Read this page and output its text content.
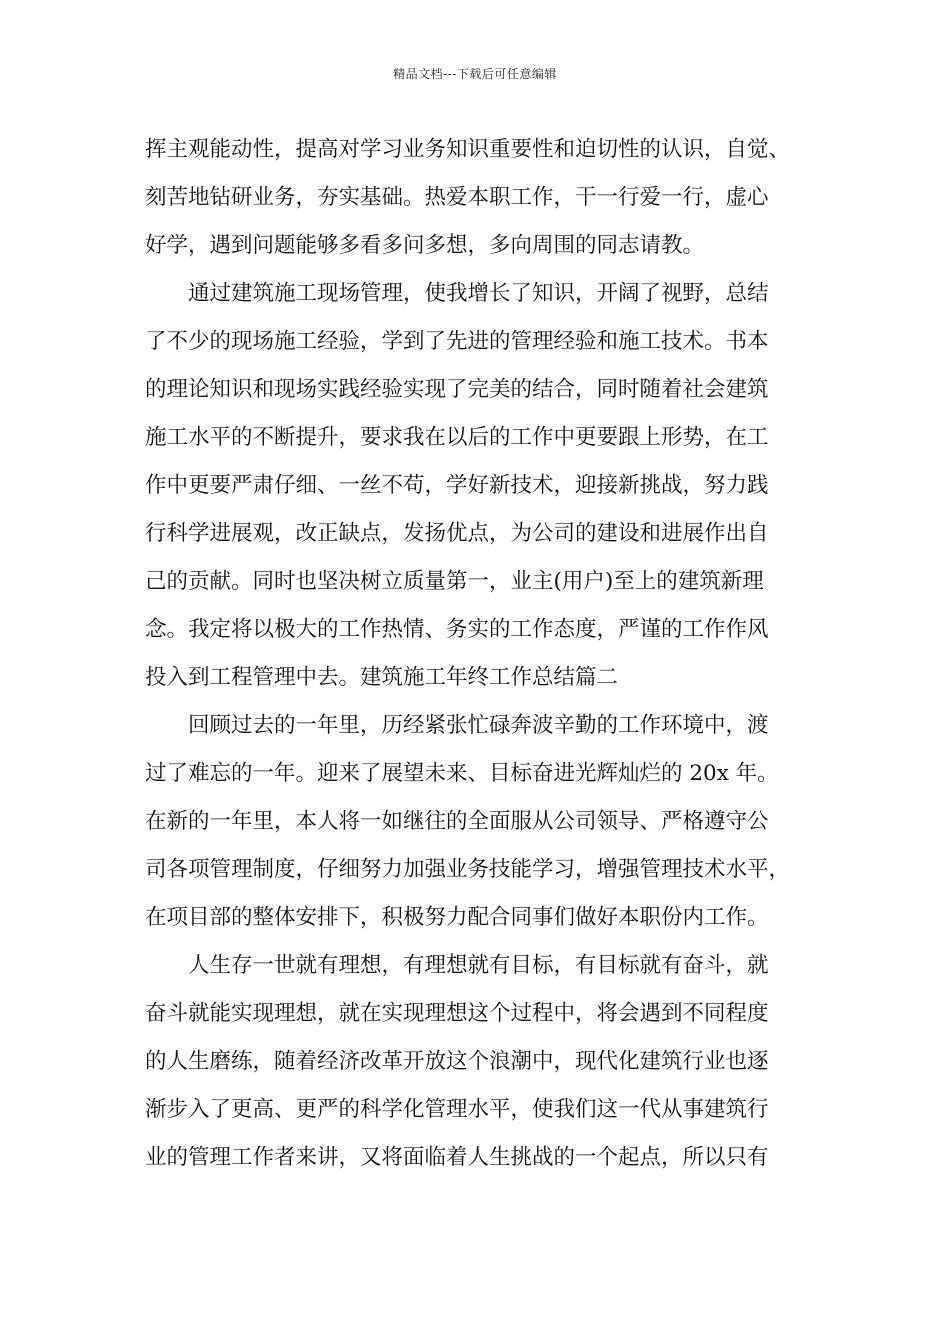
精品文档---下载后可任意编辑
挥主观能动性，提高对学习业务知识重要性和迫切性的认识，自觉、
刻苦地钻研业务，夯实基础。热爱本职工作，干一行爱一行，虚心
好学，遇到问题能够多看多问多想，多向周围的同志请教。
　　通过建筑施工现场管理，使我增长了知识，开阔了视野，总结
了不少的现场施工经验，学到了先进的管理经验和施工技术。书本
的理论知识和现场实践经验实现了完美的结合，同时随着社会建筑
施工水平的不断提升，要求我在以后的工作中更要跟上形势，在工
作中更要严肃仔细、一丝不苟，学好新技术，迎接新挑战，努力践
行科学进展观，改正缺点，发扬优点，为公司的建设和进展作出自
己的贡献。同时也坚决树立质量第一，业主(用户)至上的建筑新理
念。我定将以极大的工作热情、务实的工作态度，严谨的工作作风
投入到工程管理中去。建筑施工年终工作总结篇二
　　回顾过去的一年里，历经紧张忙碌奔波辛勤的工作环境中，渡
过了难忘的一年。迎来了展望未来、目标奋进光辉灿烂的 20x 年。
在新的一年里，本人将一如继往的全面服从公司领导、严格遵守公
司各项管理制度，仔细努力加强业务技能学习，增强管理技术水平，
在项目部的整体安排下，积极努力配合同事们做好本职份内工作。
　　人生存一世就有理想，有理想就有目标，有目标就有奋斗，就
奋斗就能实现理想，就在实现理想这个过程中，将会遇到不同程度
的人生磨练，随着经济改革开放这个浪潮中，现代化建筑行业也逐
渐步入了更高、更严的科学化管理水平，使我们这一代从事建筑行
业的管理工作者来讲，又将面临着人生挑战的一个起点，所以只有
